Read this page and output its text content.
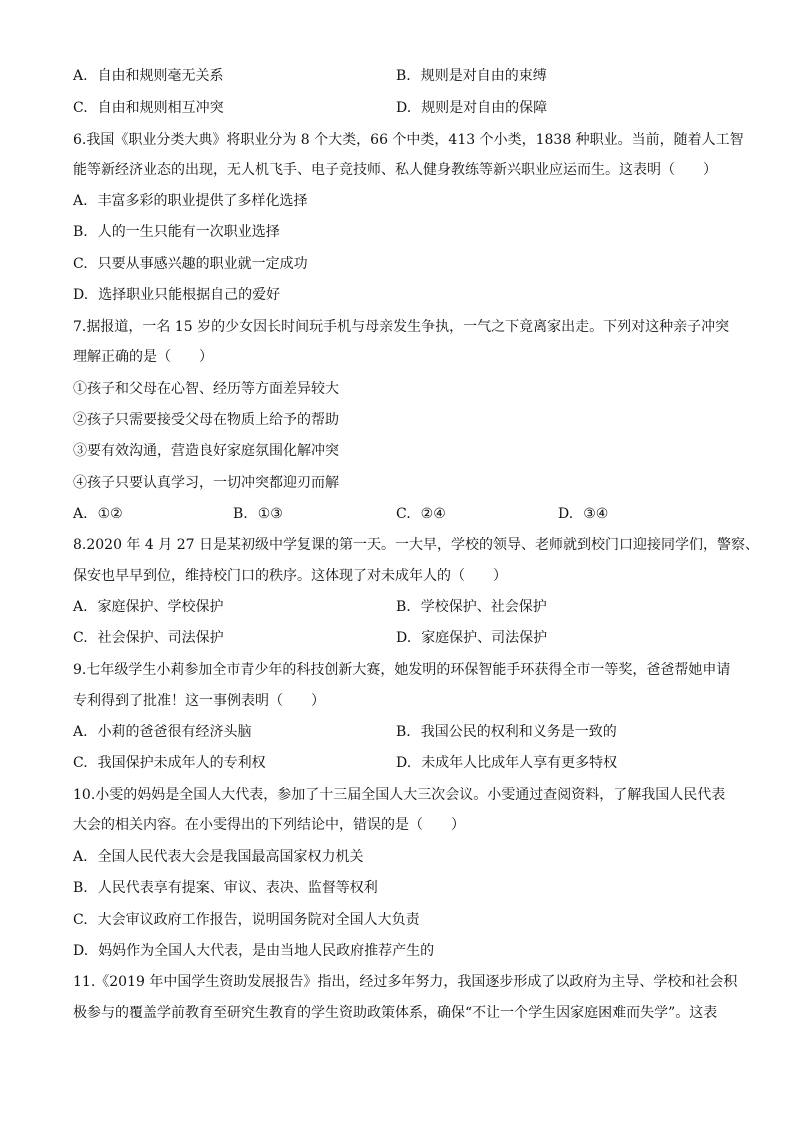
A. 自由和规则毫无关系	B. 规则是对自由的束缚
C. 自由和规则相互冲突	D. 规则是对自由的保障
6.我国《职业分类大典》将职业分为 8 个大类，66 个中类，413 个小类，1838 种职业。当前，随着人工智
能等新经济业态的出现，无人机飞手、电子竞技师、私人健身教练等新兴职业应运而生。这表明（　　）
A. 丰富多彩的职业提供了多样化选择
B. 人的一生只能有一次职业选择
C. 只要从事感兴趣的职业就一定成功
D. 选择职业只能根据自己的爱好
7.据报道，一名 15 岁的少女因长时间玩手机与母亲发生争执，一气之下竟离家出走。下列对这种亲子冲突
理解正确的是（　　）
①孩子和父母在心智、经历等方面差异较大
②孩子只需要接受父母在物质上给予的帮助
③要有效沟通，营造良好家庭氛围化解冲突
④孩子只要认真学习，一切冲突都迎刃而解
A. ①②	B. ①③	C. ②④	D. ③④
8.2020 年 4 月 27 日是某初级中学复课的第一天。一大早，学校的领导、老师就到校门口迎接同学们，警察、
保安也早早到位，维持校门口的秩序。这体现了对未成年人的（　　）
A. 家庭保护、学校保护	B. 学校保护、社会保护
C. 社会保护、司法保护	D. 家庭保护、司法保护
9.七年级学生小莉参加全市青少年的科技创新大赛，她发明的环保智能手环获得全市一等奖，爸爸帮她申请
专利得到了批准！这一事例表明（　　）
A. 小莉的爸爸很有经济头脑	B. 我国公民的权利和义务是一致的
C. 我国保护未成年人的专利权	D. 未成年人比成年人享有更多特权
10.小雯的妈妈是全国人大代表，参加了十三届全国人大三次会议。小雯通过查阅资料，了解我国人民代表
大会的相关内容。在小雯得出的下列结论中，错误的是（　　）
A. 全国人民代表大会是我国最高国家权力机关
B. 人民代表享有提案、审议、表决、监督等权利
C. 大会审议政府工作报告，说明国务院对全国人大负责
D. 妈妈作为全国人大代表，是由当地人民政府推荐产生的
11.《2019 年中国学生资助发展报告》指出，经过多年努力，我国逐步形成了以政府为主导、学校和社会积
极参与的覆盖学前教育至研究生教育的学生资助政策体系，确保“不让一个学生因家庭困难而失学”。这表
